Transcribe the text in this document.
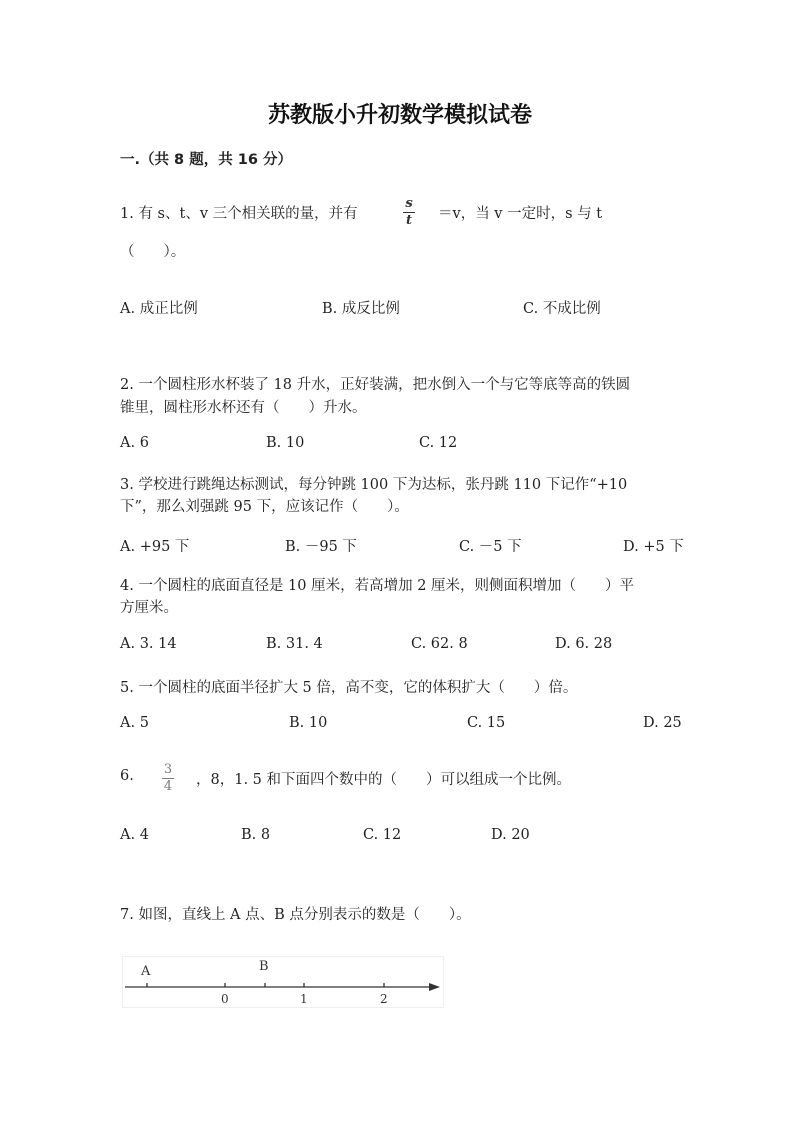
苏教版小升初数学模拟试卷
一.（共 8 题，共 16 分）
1. 有 s、t、v 三个相关联的量，并有
s
t ＝v，当 v 一定时，s 与 t
（　　）。
A. 成正比例	B. 成反比例	C. 不成比例
2. 一个圆柱形水杯装了 18 升水，正好装满，把水倒入一个与它等底等高的铁圆
锥里，圆柱形水杯还有（　　）升水。
A. 6	B. 10	C. 12
3. 学校进行跳绳达标测试，每分钟跳 100 下为达标，张丹跳 110 下记作“+10
下”，那么刘强跳 95 下，应该记作（　　）。
A. +95 下	B. －95 下	C. －5 下	D. +5 下
4. 一个圆柱的底面直径是 10 厘米，若高增加 2 厘米，则侧面积增加（　　）平
方厘米。
A. 3. 14	B. 31. 4	C. 62. 8	D. 6. 28
5. 一个圆柱的底面半径扩大 5 倍，高不变，它的体积扩大（　　）倍。
A. 5	B. 10	C. 15	D. 25
6. 3
4 ，8，1. 5 和下面四个数中的（　　）可以组成一个比例。
A. 4	B. 8	C. 12	D. 20
7. 如图，直线上 A 点、B 点分别表示的数是（　　）。
A	B
0	1	2
